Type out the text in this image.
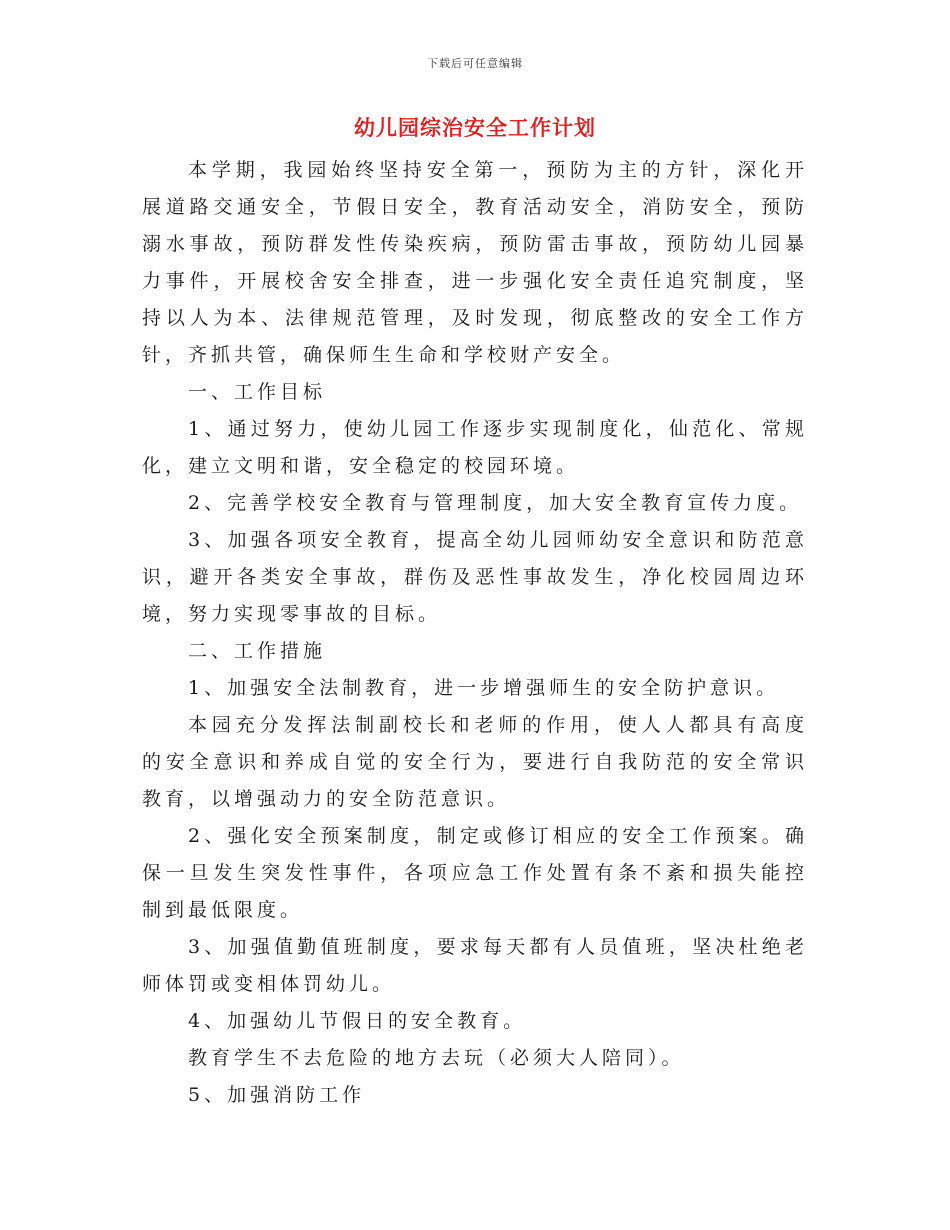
下载后可任意编辑
幼儿园综治安全工作计划

本学期，我园始终坚持安全第一，预防为主的方针，深化开展道路交通安全，节假日安全，教育活动安全，消防安全，预防溺水事故，预防群发性传染疾病，预防雷击事故，预防幼儿园暴力事件，开展校舍安全排查，进一步强化安全责任追究制度，坚持以人为本、法律规范管理，及时发现，彻底整改的安全工作方针，齐抓共管，确保师生生命和学校财产安全。

一、工作目标

1、通过努力，使幼儿园工作逐步实现制度化，仙范化、常规化，建立文明和谐，安全稳定的校园环境。

2、完善学校安全教育与管理制度，加大安全教育宣传力度。

3、加强各项安全教育，提高全幼儿园师幼安全意识和防范意识，避开各类安全事故，群伤及恶性事故发生，净化校园周边环境，努力实现零事故的目标。

二、工作措施

1、加强安全法制教育，进一步增强师生的安全防护意识。

本园充分发挥法制副校长和老师的作用，使人人都具有高度的安全意识和养成自觉的安全行为，要进行自我防范的安全常识教育，以增强动力的安全防范意识。

2、强化安全预案制度，制定或修订相应的安全工作预案。确保一旦发生突发性事件，各项应急工作处置有条不紊和损失能控制到最低限度。

3、加强值勤值班制度，要求每天都有人员值班，坚决杜绝老师体罚或变相体罚幼儿。

4、加强幼儿节假日的安全教育。

教育学生不去危险的地方去玩（必须大人陪同）。

5、加强消防工作
